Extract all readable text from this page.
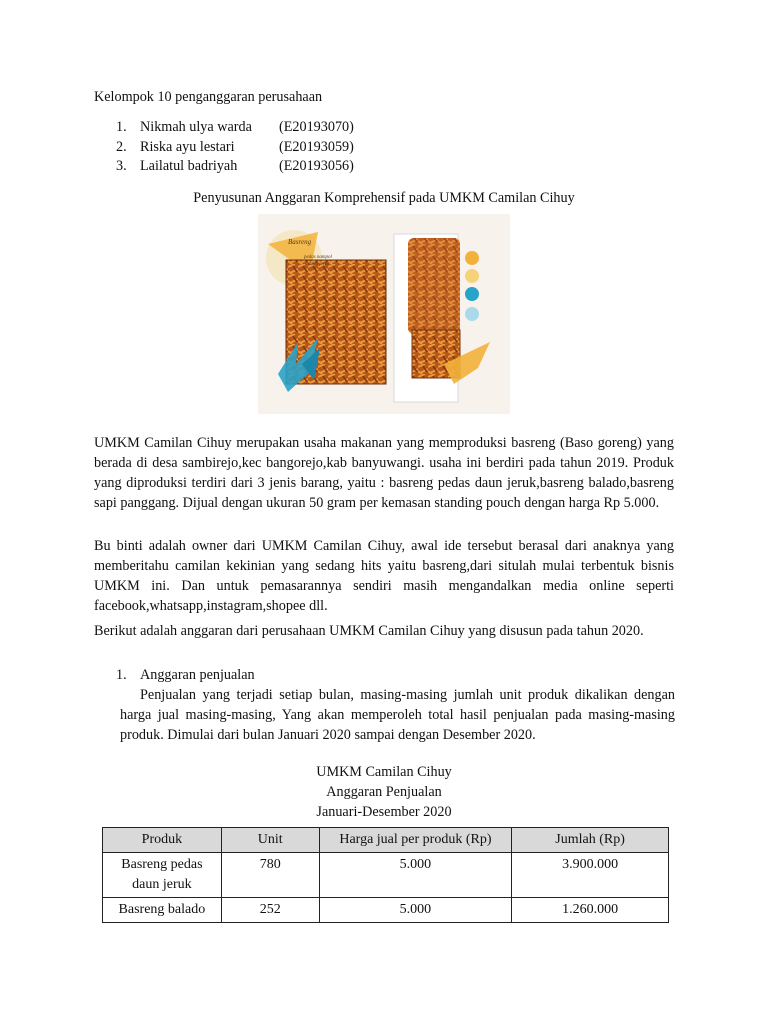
Kelompok 10 penganggaran perusahaan
1. Nikmah ulya warda (E20193070)
2. Riska ayu lestari	(E20193059)
3. Lailatul badriyah	(E20193056)
Penyusunan Anggaran Komprehensif pada UMKM Camilan Cihuy
Basreng
pedas nampol
daun jeruk
UMKM Camilan Cihuy merupakan usaha makanan yang memproduksi basreng (Baso goreng) yang berada di desa sambirejo,kec bangorejo,kab banyuwangi. usaha ini berdiri pada tahun 2019. Produk yang diproduksi terdiri dari 3 jenis barang, yaitu : basreng pedas daun jeruk,basreng balado,basreng sapi panggang. Dijual dengan ukuran 50 gram per kemasan standing pouch dengan harga Rp 5.000.
Bu binti adalah owner dari UMKM Camilan Cihuy, awal ide tersebut berasal dari anaknya yang memberitahu camilan kekinian yang sedang hits yaitu basreng,dari situlah mulai terbentuk bisnis UMKM ini. Dan untuk pemasarannya sendiri masih mengandalkan media online seperti facebook,whatsapp,instagram,shopee dll.
Berikut adalah anggaran dari perusahaan UMKM Camilan Cihuy yang disusun pada tahun 2020.
1. Anggaran penjualan
Penjualan yang terjadi setiap bulan, masing-masing jumlah unit produk dikalikan dengan harga jual masing-masing, Yang akan memperoleh total hasil penjualan pada masing-masing produk. Dimulai dari bulan Januari 2020 sampai dengan Desember 2020.
UMKM Camilan Cihuy
Anggaran Penjualan
Januari-Desember 2020
Produk	Unit	Harga jual per produk (Rp)	Jumlah (Rp)
Basreng pedas daun jeruk	780	5.000	3.900.000
Basreng balado	252	5.000	1.260.000
